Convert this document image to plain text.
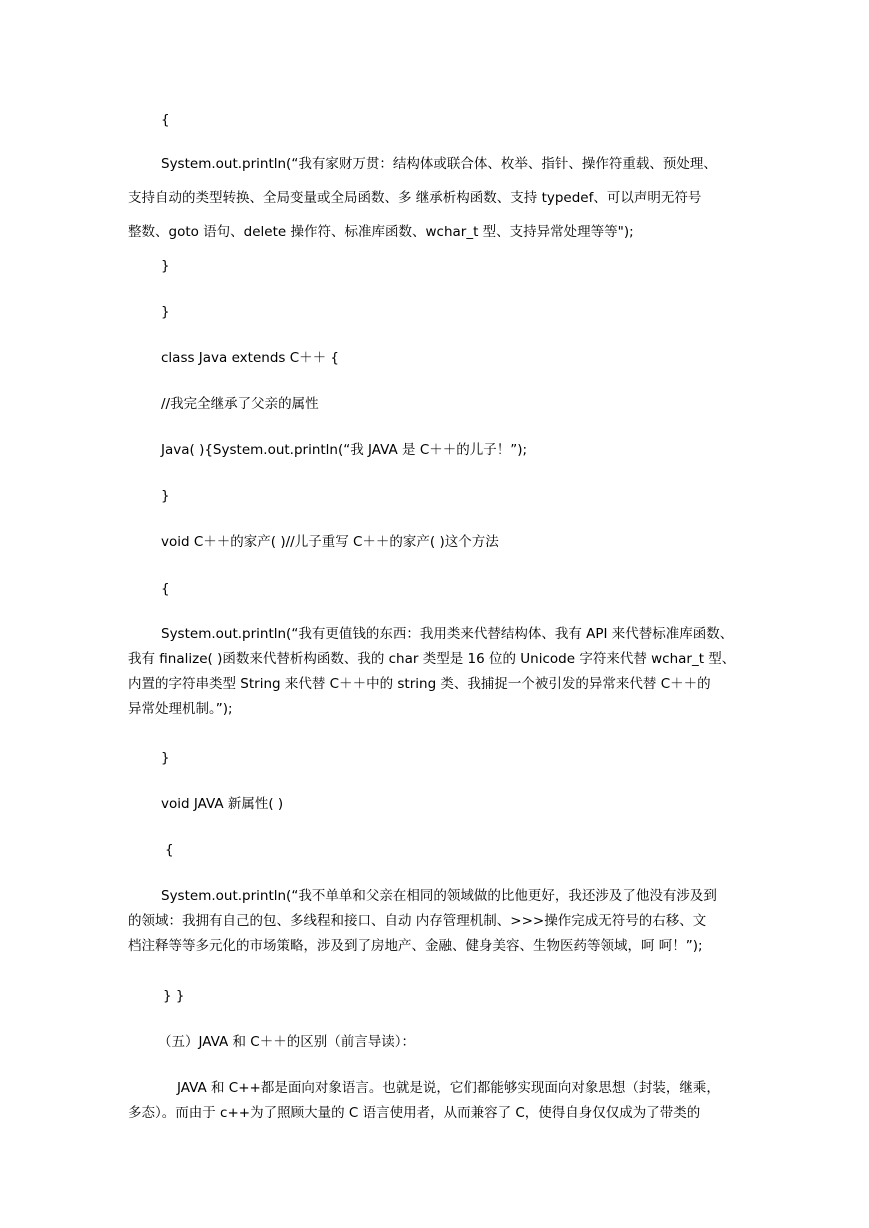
{

System.out.println(“我有家财万贯：结构体或联合体、枚举、指针、操作符重载、预处理、
支持自动的类型转换、全局变量或全局函数、多 继承析构函数、支持 typedef、可以声明无符号
整数、goto 语句、delete 操作符、标准库函数、wchar_t 型、支持异常处理等等");

}

}

class Java extends C＋＋ {

//我完全继承了父亲的属性

Java( ){System.out.println(“我 JAVA 是 C＋＋的儿子！”);

}

void C＋＋的家产( )//儿子重写 C＋＋的家产( )这个方法

{

System.out.println(“我有更值钱的东西：我用类来代替结构体、我有 API 来代替标准库函数、
我有 finalize( )函数来代替析构函数、我的 char 类型是 16 位的 Unicode 字符来代替 wchar_t 型、
内置的字符串类型 String 来代替 C＋＋中的 string 类、我捕捉一个被引发的异常来代替 C＋＋的
异常处理机制。”);

}

void JAVA 新属性( )

{

System.out.println(“我不单单和父亲在相同的领域做的比他更好，我还涉及了他没有涉及到
的领域：我拥有自己的包、多线程和接口、自动 内存管理机制、>>>操作完成无符号的右移、文
档注释等等多元化的市场策略，涉及到了房地产、金融、健身美容、生物医药等领域，呵 呵！”);

} }

（五）JAVA 和 C＋＋的区别（前言导读）：

JAVA 和 C++都是面向对象语言。也就是说，它们都能够实现面向对象思想（封装，继乘，
多态）。而由于 c++为了照顾大量的 C 语言使用者，从而兼容了 C，使得自身仅仅成为了带类的
